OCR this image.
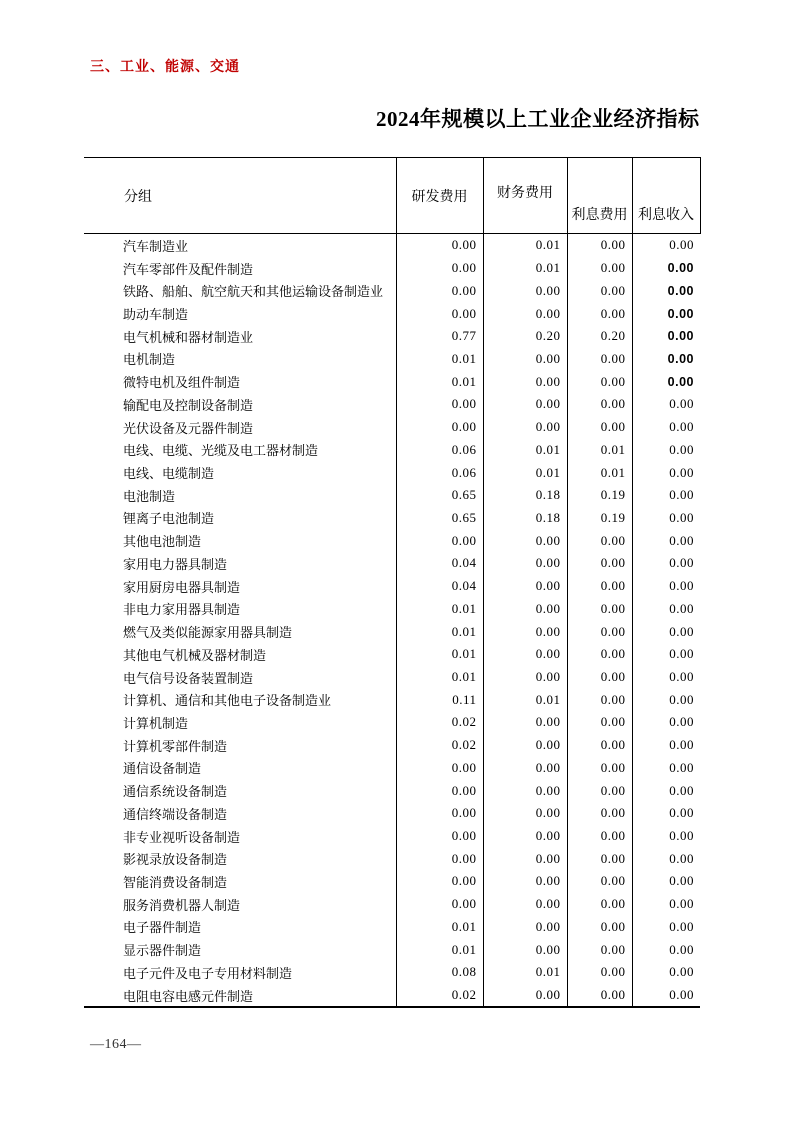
三、工业、能源、交通
2024年规模以上工业企业经济指标
分组	研发费用	财务费用	利息费用	利息收入
汽车制造业	0.00	0.01	0.00	0.00
汽车零部件及配件制造	0.00	0.01	0.00	0.00
铁路、船舶、航空航天和其他运输设备制造业	0.00	0.00	0.00	0.00
助动车制造	0.00	0.00	0.00	0.00
电气机械和器材制造业	0.77	0.20	0.20	0.00
电机制造	0.01	0.00	0.00	0.00
微特电机及组件制造	0.01	0.00	0.00	0.00
输配电及控制设备制造	0.00	0.00	0.00	0.00
光伏设备及元器件制造	0.00	0.00	0.00	0.00
电线、电缆、光缆及电工器材制造	0.06	0.01	0.01	0.00
电线、电缆制造	0.06	0.01	0.01	0.00
电池制造	0.65	0.18	0.19	0.00
锂离子电池制造	0.65	0.18	0.19	0.00
其他电池制造	0.00	0.00	0.00	0.00
家用电力器具制造	0.04	0.00	0.00	0.00
家用厨房电器具制造	0.04	0.00	0.00	0.00
非电力家用器具制造	0.01	0.00	0.00	0.00
燃气及类似能源家用器具制造	0.01	0.00	0.00	0.00
其他电气机械及器材制造	0.01	0.00	0.00	0.00
电气信号设备装置制造	0.01	0.00	0.00	0.00
计算机、通信和其他电子设备制造业	0.11	0.01	0.00	0.00
计算机制造	0.02	0.00	0.00	0.00
计算机零部件制造	0.02	0.00	0.00	0.00
通信设备制造	0.00	0.00	0.00	0.00
通信系统设备制造	0.00	0.00	0.00	0.00
通信终端设备制造	0.00	0.00	0.00	0.00
非专业视听设备制造	0.00	0.00	0.00	0.00
影视录放设备制造	0.00	0.00	0.00	0.00
智能消费设备制造	0.00	0.00	0.00	0.00
服务消费机器人制造	0.00	0.00	0.00	0.00
电子器件制造	0.01	0.00	0.00	0.00
显示器件制造	0.01	0.00	0.00	0.00
电子元件及电子专用材料制造	0.08	0.01	0.00	0.00
电阻电容电感元件制造	0.02	0.00	0.00	0.00
—164—
